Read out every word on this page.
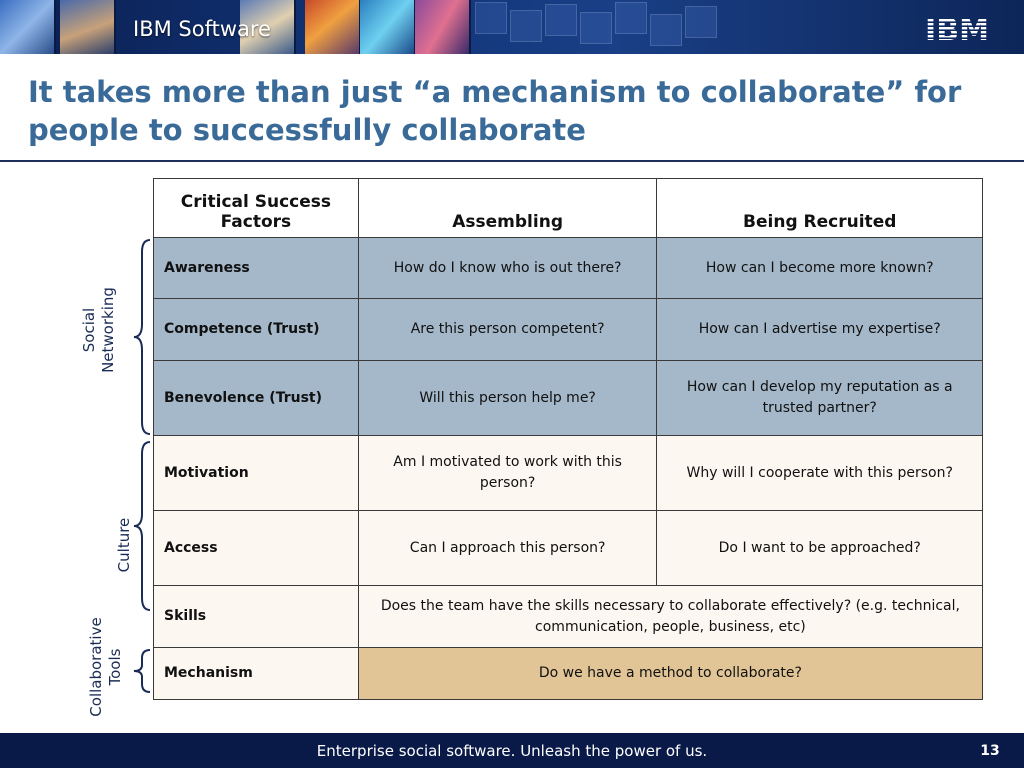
IBM Software
It takes more than just “a mechanism to collaborate” for people to successfully collaborate
Critical Success Factors	Assembling	Being Recruited
Awareness	How do I know who is out there?	How can I become more known?
Competence (Trust)	Are this person competent?	How can I advertise my expertise?
Benevolence (Trust)	Will this person help me?	How can I develop my reputation as a trusted partner?
Motivation	Am I motivated to work with this person?	Why will I cooperate with this person?
Access	Can I approach this person?	Do I want to be approached?
Skills	Does the team have the skills necessary to collaborate effectively? (e.g. technical, communication, people, business, etc)	
Mechanism	Do we have a method to collaborate?	
Social Networking
Culture
Collaborative Tools
Enterprise social software. Unleash the power of us.	13
